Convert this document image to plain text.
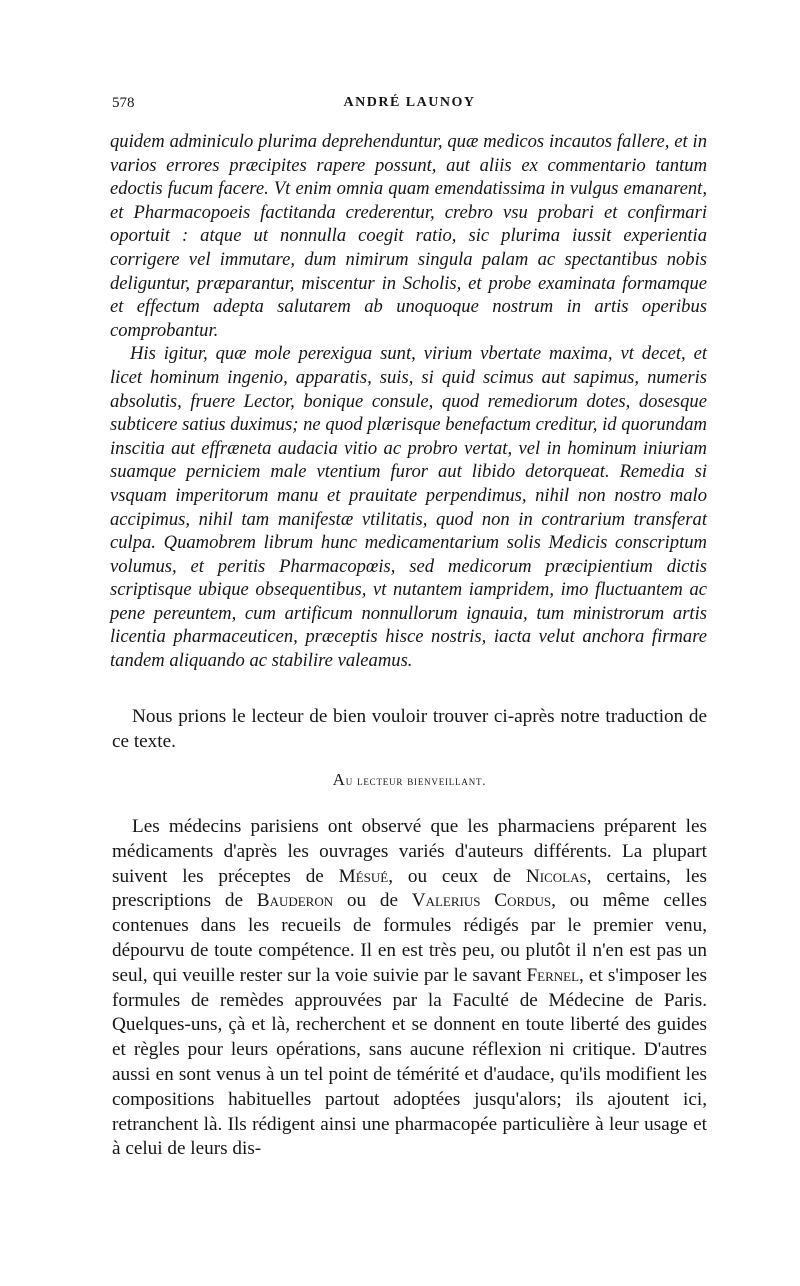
578	ANDRÉ LAUNOY

quidem adminiculo plurima deprehenduntur, quæ medicos incautos fallere, et in varios errores præcipites rapere possunt, aut aliis ex commentario tantum edoctis fucum facere. Vt enim omnia quam emendatissima in vulgus emanarent, et Pharmacopoeis factitanda crederentur, crebro vsu probari et confirmari oportuit : atque ut nonnulla coegit ratio, sic plurima iussit experientia corrigere vel immutare, dum nimirum singula palam ac spectantibus nobis deliguntur, præparantur, miscentur in Scholis, et probe examinata formamque et effectum adepta salutarem ab unoquoque nostrum in artis operibus comprobantur.

His igitur, quæ mole perexigua sunt, virium vbertate maxima, vt decet, et licet hominum ingenio, apparatis, suis, si quid scimus aut sapimus, numeris absolutis, fruere Lector, bonique consule, quod remediorum dotes, dosesque subticere satius duximus; ne quod plærisque benefactum creditur, id quorundam inscitia aut effræneta audacia vitio ac probro vertat, vel in hominum iniuriam suamque perniciem male vtentium furor aut libido detorqueat. Remedia si vsquam imperitorum manu et prauitate perpendimus, nihil non nostro malo accipimus, nihil tam manifestæ vtilitatis, quod non in contrarium transferat culpa. Quamobrem librum hunc medicamentarium solis Medicis conscriptum volumus, et peritis Pharmacopœis, sed medicorum præcipientium dictis scriptisque ubique obsequentibus, vt nutantem iampridem, imo fluctuantem ac pene pereuntem, cum artificum nonnullorum ignauia, tum ministrorum artis licentia pharmaceuticen, præceptis hisce nostris, iacta velut anchora firmare tandem aliquando ac stabilire valeamus.

Nous prions le lecteur de bien vouloir trouver ci-après notre traduction de ce texte.

Au lecteur bienveillant.

Les médecins parisiens ont observé que les pharmaciens préparent les médicaments d'après les ouvrages variés d'auteurs différents. La plupart suivent les préceptes de Mésué, ou ceux de Nicolas, certains, les prescriptions de Bauderon ou de Valerius Cordus, ou même celles contenues dans les recueils de formules rédigés par le premier venu, dépourvu de toute compétence. Il en est très peu, ou plutôt il n'en est pas un seul, qui veuille rester sur la voie suivie par le savant Fernel, et s'imposer les formules de remèdes approuvées par la Faculté de Médecine de Paris. Quelques-uns, çà et là, recherchent et se donnent en toute liberté des guides et règles pour leurs opérations, sans aucune réflexion ni critique. D'autres aussi en sont venus à un tel point de témérité et d'audace, qu'ils modifient les compositions habituelles partout adoptées jusqu'alors; ils ajoutent ici, retranchent là. Ils rédigent ainsi une pharmacopée particulière à leur usage et à celui de leurs dis-
